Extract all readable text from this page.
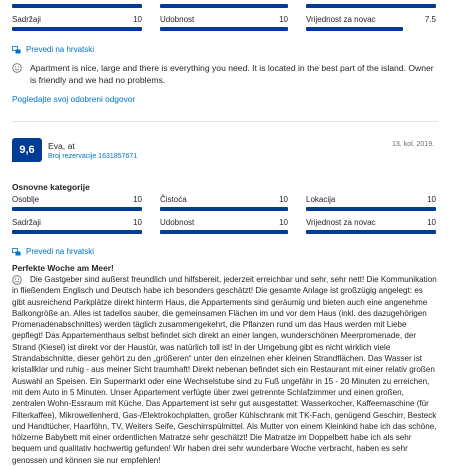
Sadržaji	10 Udobnost	10 Vrijednost za novac	7.5
Prevedi na hrvatski
Apartment is nice, large and there is everything you need. It is located in the best part of the island. Owner is friendly and we had no problems.
Pogledajte svoj odobreni odgovor
9,6	Eva, at
Broj rezervacije 1631857671
13. kol. 2019.
Osnovne kategorije
Osoblje	10 Čistoća	10 Lokacija	10
Sadržaji	10 Udobnost	10 Vrijednost za novac	10
Prevedi na hrvatski
Perfekte Woche am Meer!
Die Gastgeber sind außerst freundlich und hilfsbereit, jederzeit erreichbar und sehr, sehr nett! Die Kommunikation in fließendem Englisch und Deutsch habe ich besonders geschätzt! Die gesamte Anlage ist großzügig angelegt: es gibt ausreichend Parkplätze direkt hinterm Haus, die Appartements sind geräumig und bieten auch eine angenehme Balkongröße an. Alles ist tadellos sauber, die gemeinsamen Flächen im und vor dem Haus (inkl. des dazugehörigen Promenadenabschnittes) werden täglich zusammengekehrt, die Pflanzen rund um das Haus werden mit Liebe gepflegt! Das Appartementhaus selbst befindet sich direkt an einer langen, wunderschönen Meerpromenade, der Strand (Kiesel) ist direkt vor der Haustür, was natürlich toll ist! In der Umgebung gibt es nicht wirklich viele Strandabschnitte, dieser gehört zu den „größeren“ unter den einzelnen eher kleinen Strandflächen. Das Wasser ist kristallklar und ruhig - aus meiner Sicht traumhaft! Direkt nebenan befindet sich ein Restaurant mit einer relativ großen Auswahl an Speisen. Ein Supermarkt oder eine Wechselstube sind zu Fuß ungefähr in 15 - 20 Minuten zu erreichen, mit dem Auto in 5 Minuten. Unser Appartement verfügte über zwei getrennte Schlafzimmer und einen großen, zentralen Wohn-Essraum mit Küche. Das Appartement ist sehr gut ausgestattet: Wasserkocher, Kaffeemaschine (für Filterkaffee), Mikrowellenherd, Gas-/Elektrokochplatten, großer Kühlschrank mit TK-Fach, genügend Geschirr, Besteck und Handtücher, Haarföhn, TV, Weiters Seife, Geschirrspülmittel. Als Mutter von einem Kleinkind habe ich das schöne, hölzerne Babybett mit einer ordentlichen Matratze sehr geschätzt! Die Matratze im Doppelbett habe ich als sehr bequem und qualitativ hochwertig gefunden! Wir haben drei sehr wunderbare Woche verbracht, haben es sehr genossen und können sie nur empfehlen!
